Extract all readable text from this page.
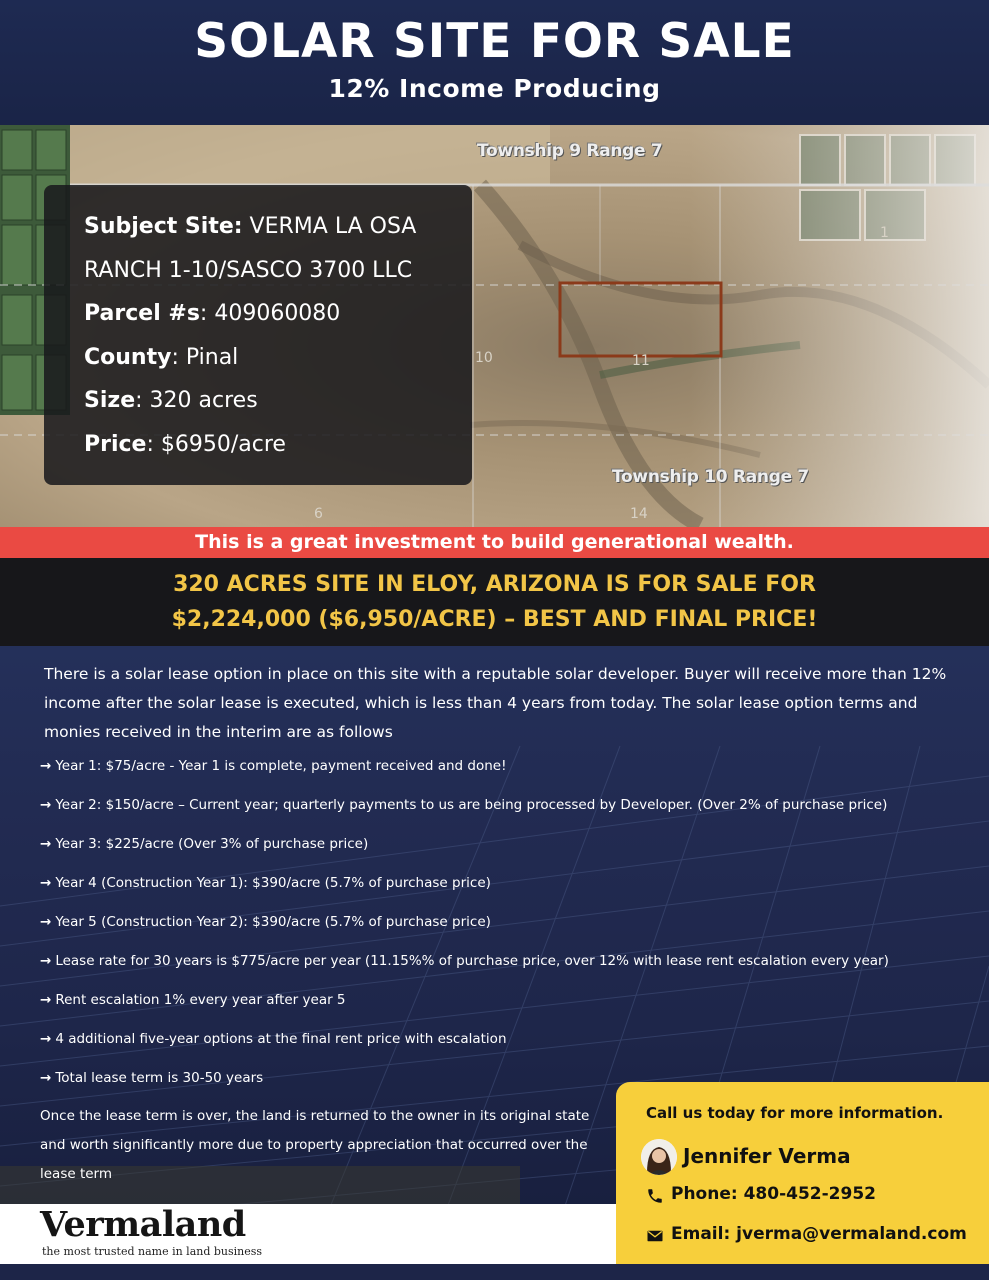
SOLAR SITE FOR SALE
12% Income Producing
1
10	11
6	14
Township 9 Range 7
Township 10 Range 7
Subject Site: VERMA LA OSA
RANCH 1-10/SASCO 3700 LLC
Parcel #s: 409060080
County: Pinal
Size: 320 acres
Price: $6950/acre
This is a great investment to build generational wealth.
320 ACRES SITE IN ELOY, ARIZONA IS FOR SALE FOR
$2,224,000 ($6,950/ACRE) – BEST AND FINAL PRICE!
There is a solar lease option in place on this site with a reputable solar developer. Buyer will receive more than 12% income after the solar lease is executed, which is less than 4 years from today. The solar lease option terms and monies received in the interim are as follows
→ Year 1: $75/acre - Year 1 is complete, payment received and done!
→ Year 2: $150/acre – Current year; quarterly payments to us are being processed by Developer. (Over 2% of purchase price)
→ Year 3: $225/acre (Over 3% of purchase price)
→ Year 4 (Construction Year 1): $390/acre (5.7% of purchase price)
→ Year 5 (Construction Year 2): $390/acre (5.7% of purchase price)
→ Lease rate for 30 years is $775/acre per year (11.15%% of purchase price, over 12% with lease rent escalation every year)
→ Rent escalation 1% every year after year 5
→ 4 additional five-year options at the final rent price with escalation
→ Total lease term is 30-50 years
Once the lease term is over, the land is returned to the owner in its original state and worth significantly more due to property appreciation that occurred over the lease term
Vermaland
the most trusted name in land business
Call us today for more information.
Jennifer Verma
Phone: 480-452-2952
Email: jverma@vermaland.com
